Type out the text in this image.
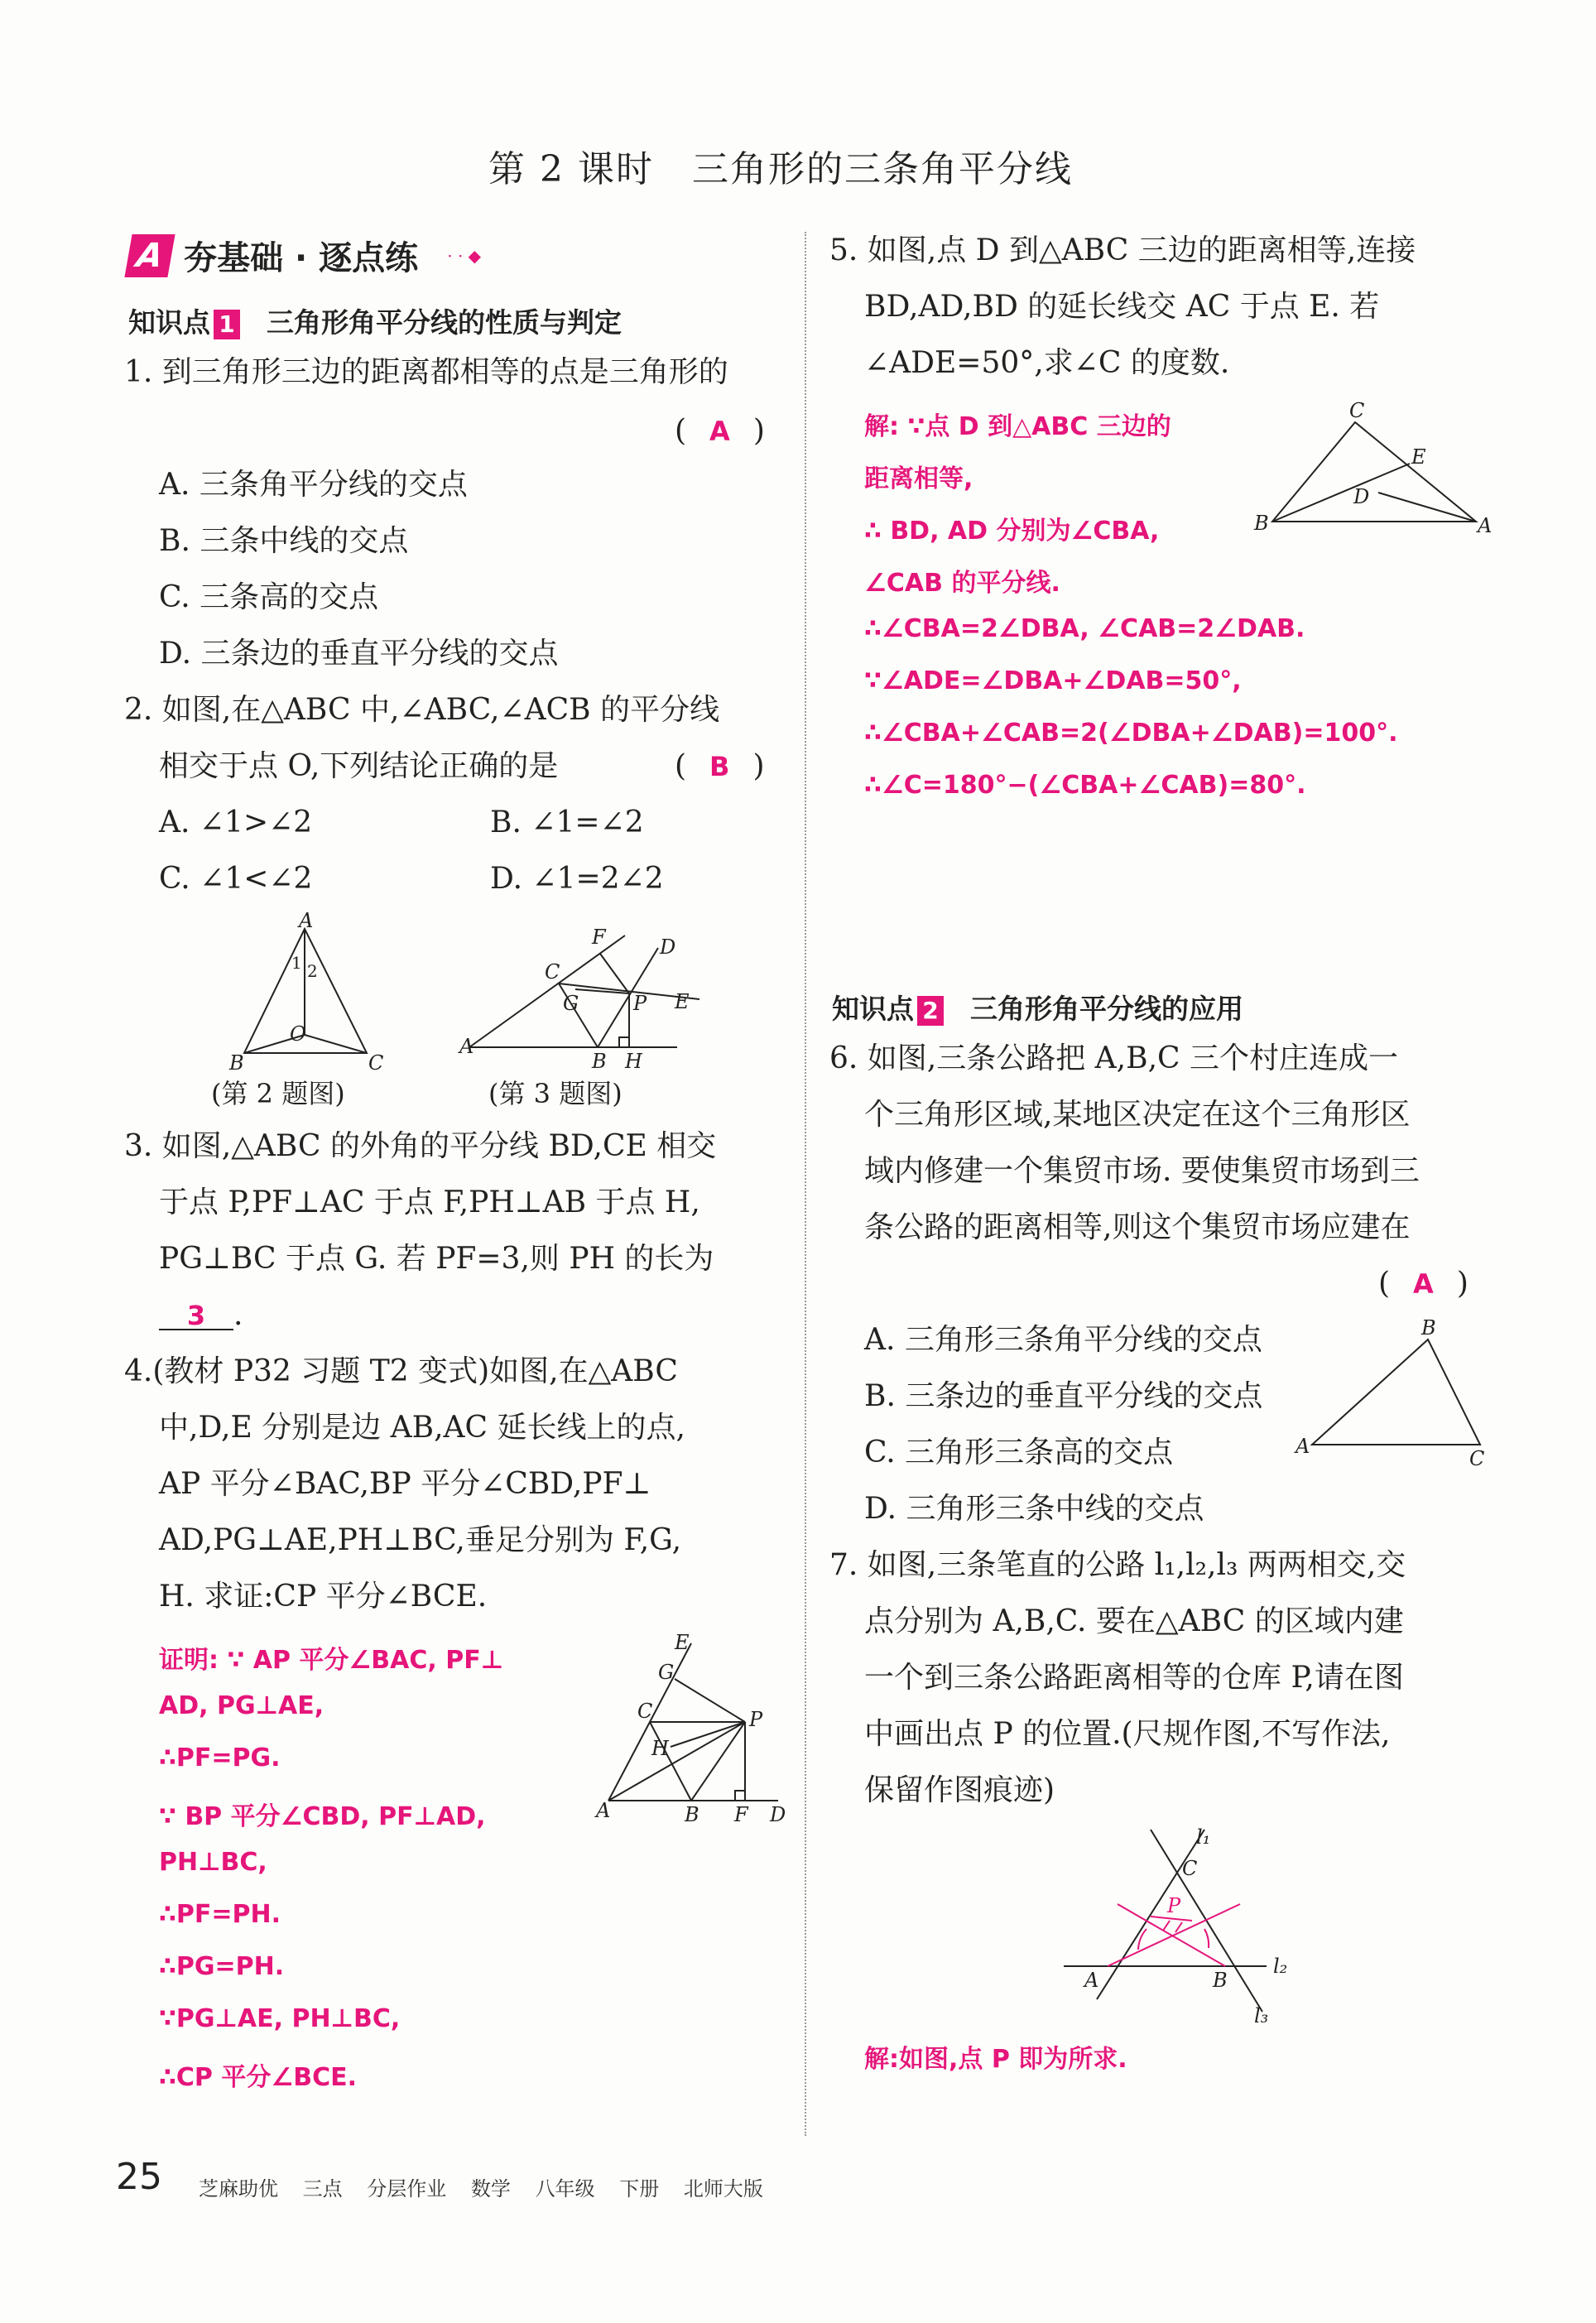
第 2 课时　三角形的三条角平分线
A 夯基础 · 逐点练 · · ◆
知识点 1 三角形角平分线的性质与判定
1. 到三角形三边的距离都相等的点是三角形的
( A )
A. 三条角平分线的交点
B. 三条中线的交点
C. 三条高的交点
D. 三条边的垂直平分线的交点
2. 如图,在△ABC 中,∠ABC,∠ACB 的平分线
相交于点 O,下列结论正确的是	( B )
A. ∠1>∠2	B. ∠1=∠2
C. ∠1<∠2	D. ∠1=2∠2
A
B	C
O
1 2
(第 2 题图)
A
B
C
D
E
F
G
H
P
(第 3 题图)
3. 如图,△ABC 的外角的平分线 BD,CE 相交
于点 P,PF⊥AC 于点 F,PH⊥AB 于点 H,
PG⊥BC 于点 G. 若 PF=3,则 PH 的长为
3 .
4.(教材 P32 习题 T2 变式)如图,在△ABC
中,D,E 分别是边 AB,AC 延长线上的点,
AP 平分∠BAC,BP 平分∠CBD,PF⊥
AD,PG⊥AE,PH⊥BC,垂足分别为 F,G,
H. 求证:CP 平分∠BCE.
证明: ∵ AP 平分∠BAC, PF⊥
AD, PG⊥AE,
∴PF=PG.
∵ BP 平分∠CBD, PF⊥AD,
PH⊥BC,
∴PF=PH.
∴PG=PH.
∵PG⊥AE, PH⊥BC,
∴CP 平分∠BCE.
A	B
C
D
E
F
G
H
P
5. 如图,点 D 到△ABC 三边的距离相等,连接
BD,AD,BD 的延长线交 AC 于点 E. 若
∠ADE=50°,求∠C 的度数.
解: ∵点 D 到△ABC 三边的
距离相等,
∴ BD, AD 分别为∠CBA,
∠CAB 的平分线.
∴∠CBA=2∠DBA, ∠CAB=2∠DAB.
∵∠ADE=∠DBA+∠DAB=50°,
∴∠CBA+∠CAB=2(∠DBA+∠DAB)=100°.
∴∠C=180°−(∠CBA+∠CAB)=80°.
C
B	A
E
D
知识点 2 三角形角平分线的应用
6. 如图,三条公路把 A,B,C 三个村庄连成一
个三角形区域,某地区决定在这个三角形区
域内修建一个集贸市场. 要使集贸市场到三
条公路的距离相等,则这个集贸市场应建在
( A )
A. 三角形三条角平分线的交点
B. 三条边的垂直平分线的交点
C. 三角形三条高的交点
D. 三角形三条中线的交点
B
A
C
7. 如图,三条笔直的公路 l₁,l₂,l₃ 两两相交,交
点分别为 A,B,C. 要在△ABC 的区域内建
一个到三条公路距离相等的仓库 P,请在图
中画出点 P 的位置.(尺规作图,不写作法,
保留作图痕迹)
A	B
C
P
l₁
l₂
l₃
解:如图,点 P 即为所求.
25 芝麻助优 三点 分层作业 数学 八年级 下册 北师大版
